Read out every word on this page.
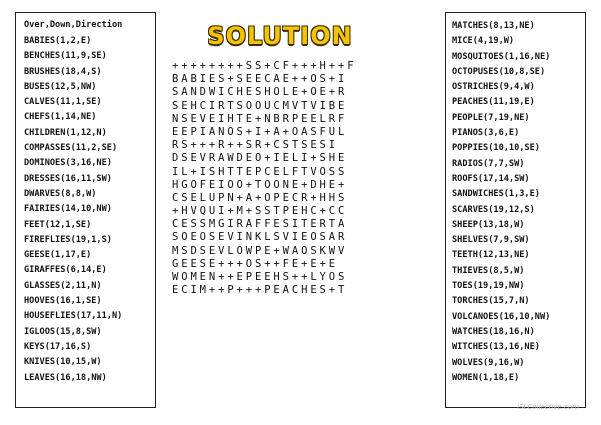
Over,Down,Direction
BABIES(1,2,E)
BENCHES(11,9,SE)
BRUSHES(18,4,S)
BUSES(12,5,NW)
CALVES(11,1,SE)
CHEFS(1,14,NE)
CHILDREN(1,12,N)
COMPASSES(11,2,SE)
DOMINOES(3,16,NE)
DRESSES(16,11,SW)
DWARVES(8,8,W)
FAIRIES(14,10,NW)
FEET(12,1,SE)
FIREFLIES(19,1,S)
GEESE(1,17,E)
GIRAFFES(6,14,E)
GLASSES(2,11,N)
HOOVES(16,1,SE)
HOUSEFLIES(17,11,N)
IGLOOS(15,8,SW)
KEYS(17,16,S)
KNIVES(10,15,W)
LEAVES(16,18,NW)
SOLUTION
++++++++SS+CF+++H++F
BABIES+SEECAE++OS+I
SANDWICHESHOLE+OE+R
SEHCIRTSOOUCMVTVIBE
NSEVEIHTE+NBRPEELRF
EEPIANOS+I+A+OASFUL
RS+++R++SR+CSTSESI
DSEVRAWDEO+IELI+SHE
IL+ISHTTEPCELFTVOSS
HGOFEIOO+TOONE+DHE+
CSELUPN+A+OPECR+HHS
+HVQUI+M+SSTPEHC+CC
CESSMGIRAFFESITERTA
SOEOSEVINKLSVIEOSAR
MSDSEVLOWPE+WAOSKWV
GEESE+++OS++FE+E+E
WOMEN++EPEEHS++LYOS
ECIM++P+++PEACHES+T
MATCHES(8,13,NE)
MICE(4,19,W)
MOSQUITOES(1,16,NE)
OCTOPUSES(10,8,SE)
OSTRICHES(9,4,W)
PEACHES(11,19,E)
PEOPLE(7,19,NE)
PIANOS(3,6,E)
POPPIES(10,10,SE)
RADIOS(7,7,SW)
ROOFS(17,14,SW)
SANDWICHES(1,3,E)
SCARVES(19,12,S)
SHEEP(13,18,W)
SHELVES(7,9,SW)
TEETH(12,13,NE)
THIEVES(8,5,W)
TOES(19,19,NW)
TORCHES(15,7,N)
VOLCANOES(16,10,NW)
WATCHES(18,16,N)
WITCHES(13,16,NE)
WOLVES(9,16,W)
WOMEN(1,18,E)
iSLCollective.com
